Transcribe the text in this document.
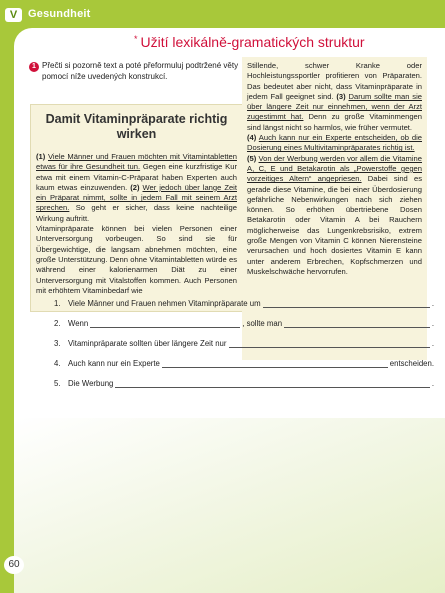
V Gesundheit
* Užití lexikálně-gramatických struktur
1 Přečti si pozorně text a poté přeformuluj podtržené věty pomocí níže uvedených konstrukcí.
Damit Vitaminpräparate richtig wirken
(1) Viele Männer und Frauen möchten mit Vitamintabletten etwas für ihre Gesundheit tun. Gegen eine kurzfristige Kur etwa mit einem Vitamin-C-Präparat haben Experten auch kaum etwas einzuwenden. (2) Wer jedoch über lange Zeit ein Präparat nimmt, sollte in jedem Fall mit seinem Arzt sprechen. So geht er sicher, dass keine nachteilige Wirkung auftritt.
Vitaminpräparate können bei vielen Personen einer Unterversorgung vorbeugen. So sind sie für Übergewichtige, die langsam abnehmen möchten, eine große Unterstützung. Denn ohne Vitamintabletten würde es während einer kalorienarmen Diät zu einer Unterversorgung mit Vitalstoffen kommen. Auch Personen mit erhöhtem Vitaminbedarf wie
Stillende, schwer Kranke oder Hochleistungssportler profitieren von Präparaten. Das bedeutet aber nicht, dass Vitaminpräparate in jedem Fall geeignet sind. (3) Darum sollte man sie über längere Zeit nur einnehmen, wenn der Arzt zugestimmt hat. Denn zu große Vitaminmengen sind längst nicht so harmlos, wie früher vermutet.
(4) Auch kann nur ein Experte entscheiden, ob die Dosierung eines Multivitaminpräparates richtig ist.
(5) Von der Werbung werden vor allem die Vitamine A, C, E und Betakarotin als „Powerstoffe gegen vorzeitiges Altern“ angepriesen. Dabei sind es gerade diese Vitamine, die bei einer Überdosierung gefährliche Nebenwirkungen nach sich ziehen können. So erhöhen übertriebene Dosen Betakarotin oder Vitamin A bei Rauchern möglicherweise das Lungenkrebsrisiko, extrem große Mengen von Vitamin C können Nierensteine verursachen und hoch dosiertes Vitamin E kann unter anderem Erbrechen, Kopfschmerzen und Muskelschwäche hervorrufen.
1. Viele Männer und Frauen nehmen Vitaminpräparate um	.
2. Wenn	, sollte man	.
3. Vitaminpräparate sollten über längere Zeit nur	.
4. Auch kann nur ein Experte	entscheiden.
5. Die Werbung	.
60
